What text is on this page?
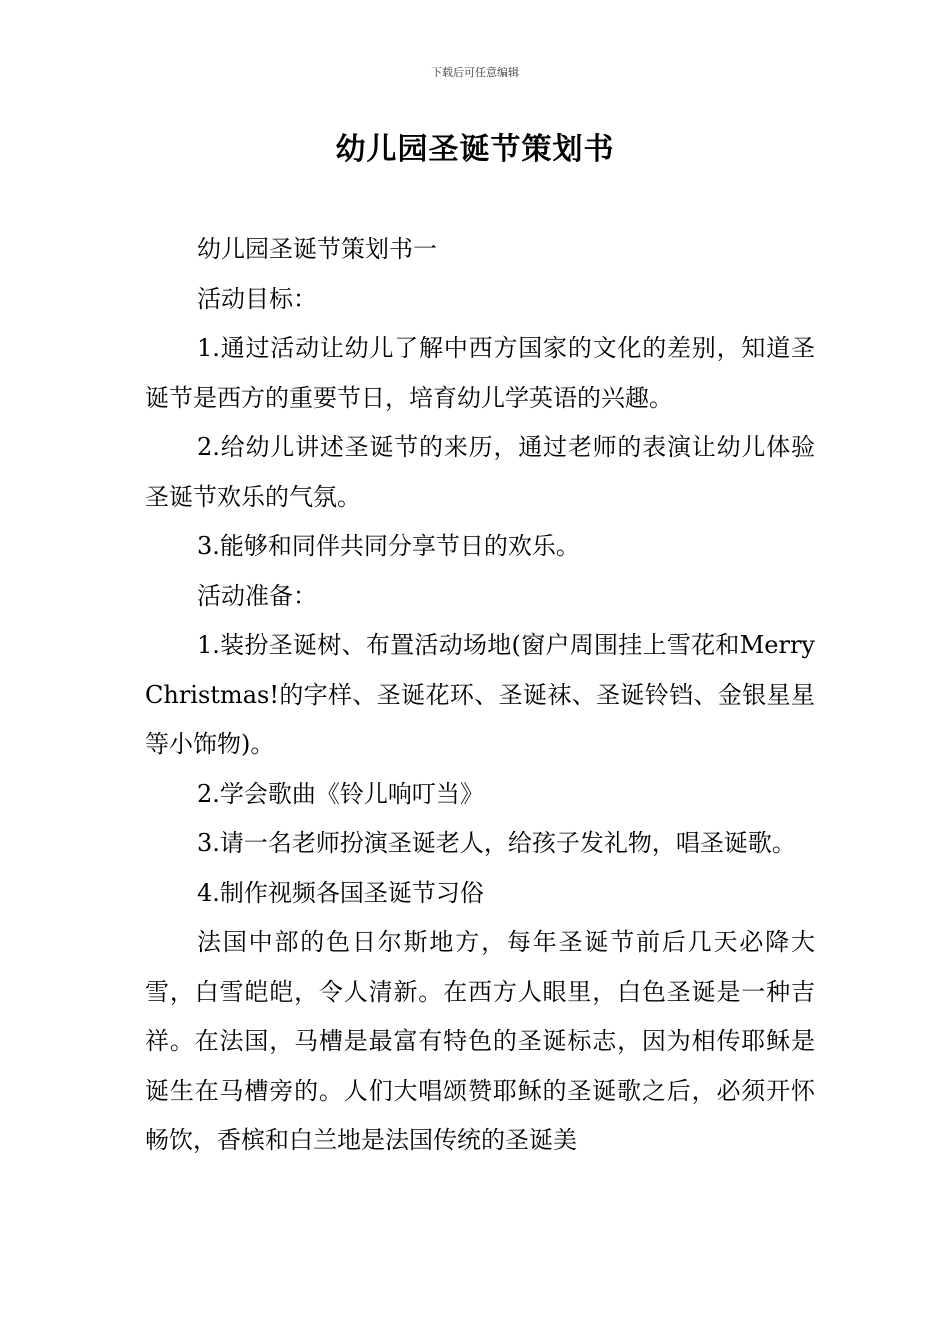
下载后可任意编辑
幼儿园圣诞节策划书

幼儿园圣诞节策划书一

活动目标：

1.通过活动让幼儿了解中西方国家的文化的差别，知道圣诞节是西方的重要节日，培育幼儿学英语的兴趣。

2.给幼儿讲述圣诞节的来历，通过老师的表演让幼儿体验圣诞节欢乐的气氛。

3.能够和同伴共同分享节日的欢乐。

活动准备：

1.装扮圣诞树、布置活动场地(窗户周围挂上雪花和Merry Christmas!的字样、圣诞花环、圣诞袜、圣诞铃铛、金银星星等小饰物)。

2.学会歌曲《铃儿响叮当》

3.请一名老师扮演圣诞老人，给孩子发礼物，唱圣诞歌。

4.制作视频各国圣诞节习俗

法国中部的色日尔斯地方，每年圣诞节前后几天必降大雪，白雪皑皑，令人清新。在西方人眼里，白色圣诞是一种吉祥。在法国，马槽是最富有特色的圣诞标志，因为相传耶稣是诞生在马槽旁的。人们大唱颂赞耶稣的圣诞歌之后，必须开怀畅饮，香槟和白兰地是法国传统的圣诞美
